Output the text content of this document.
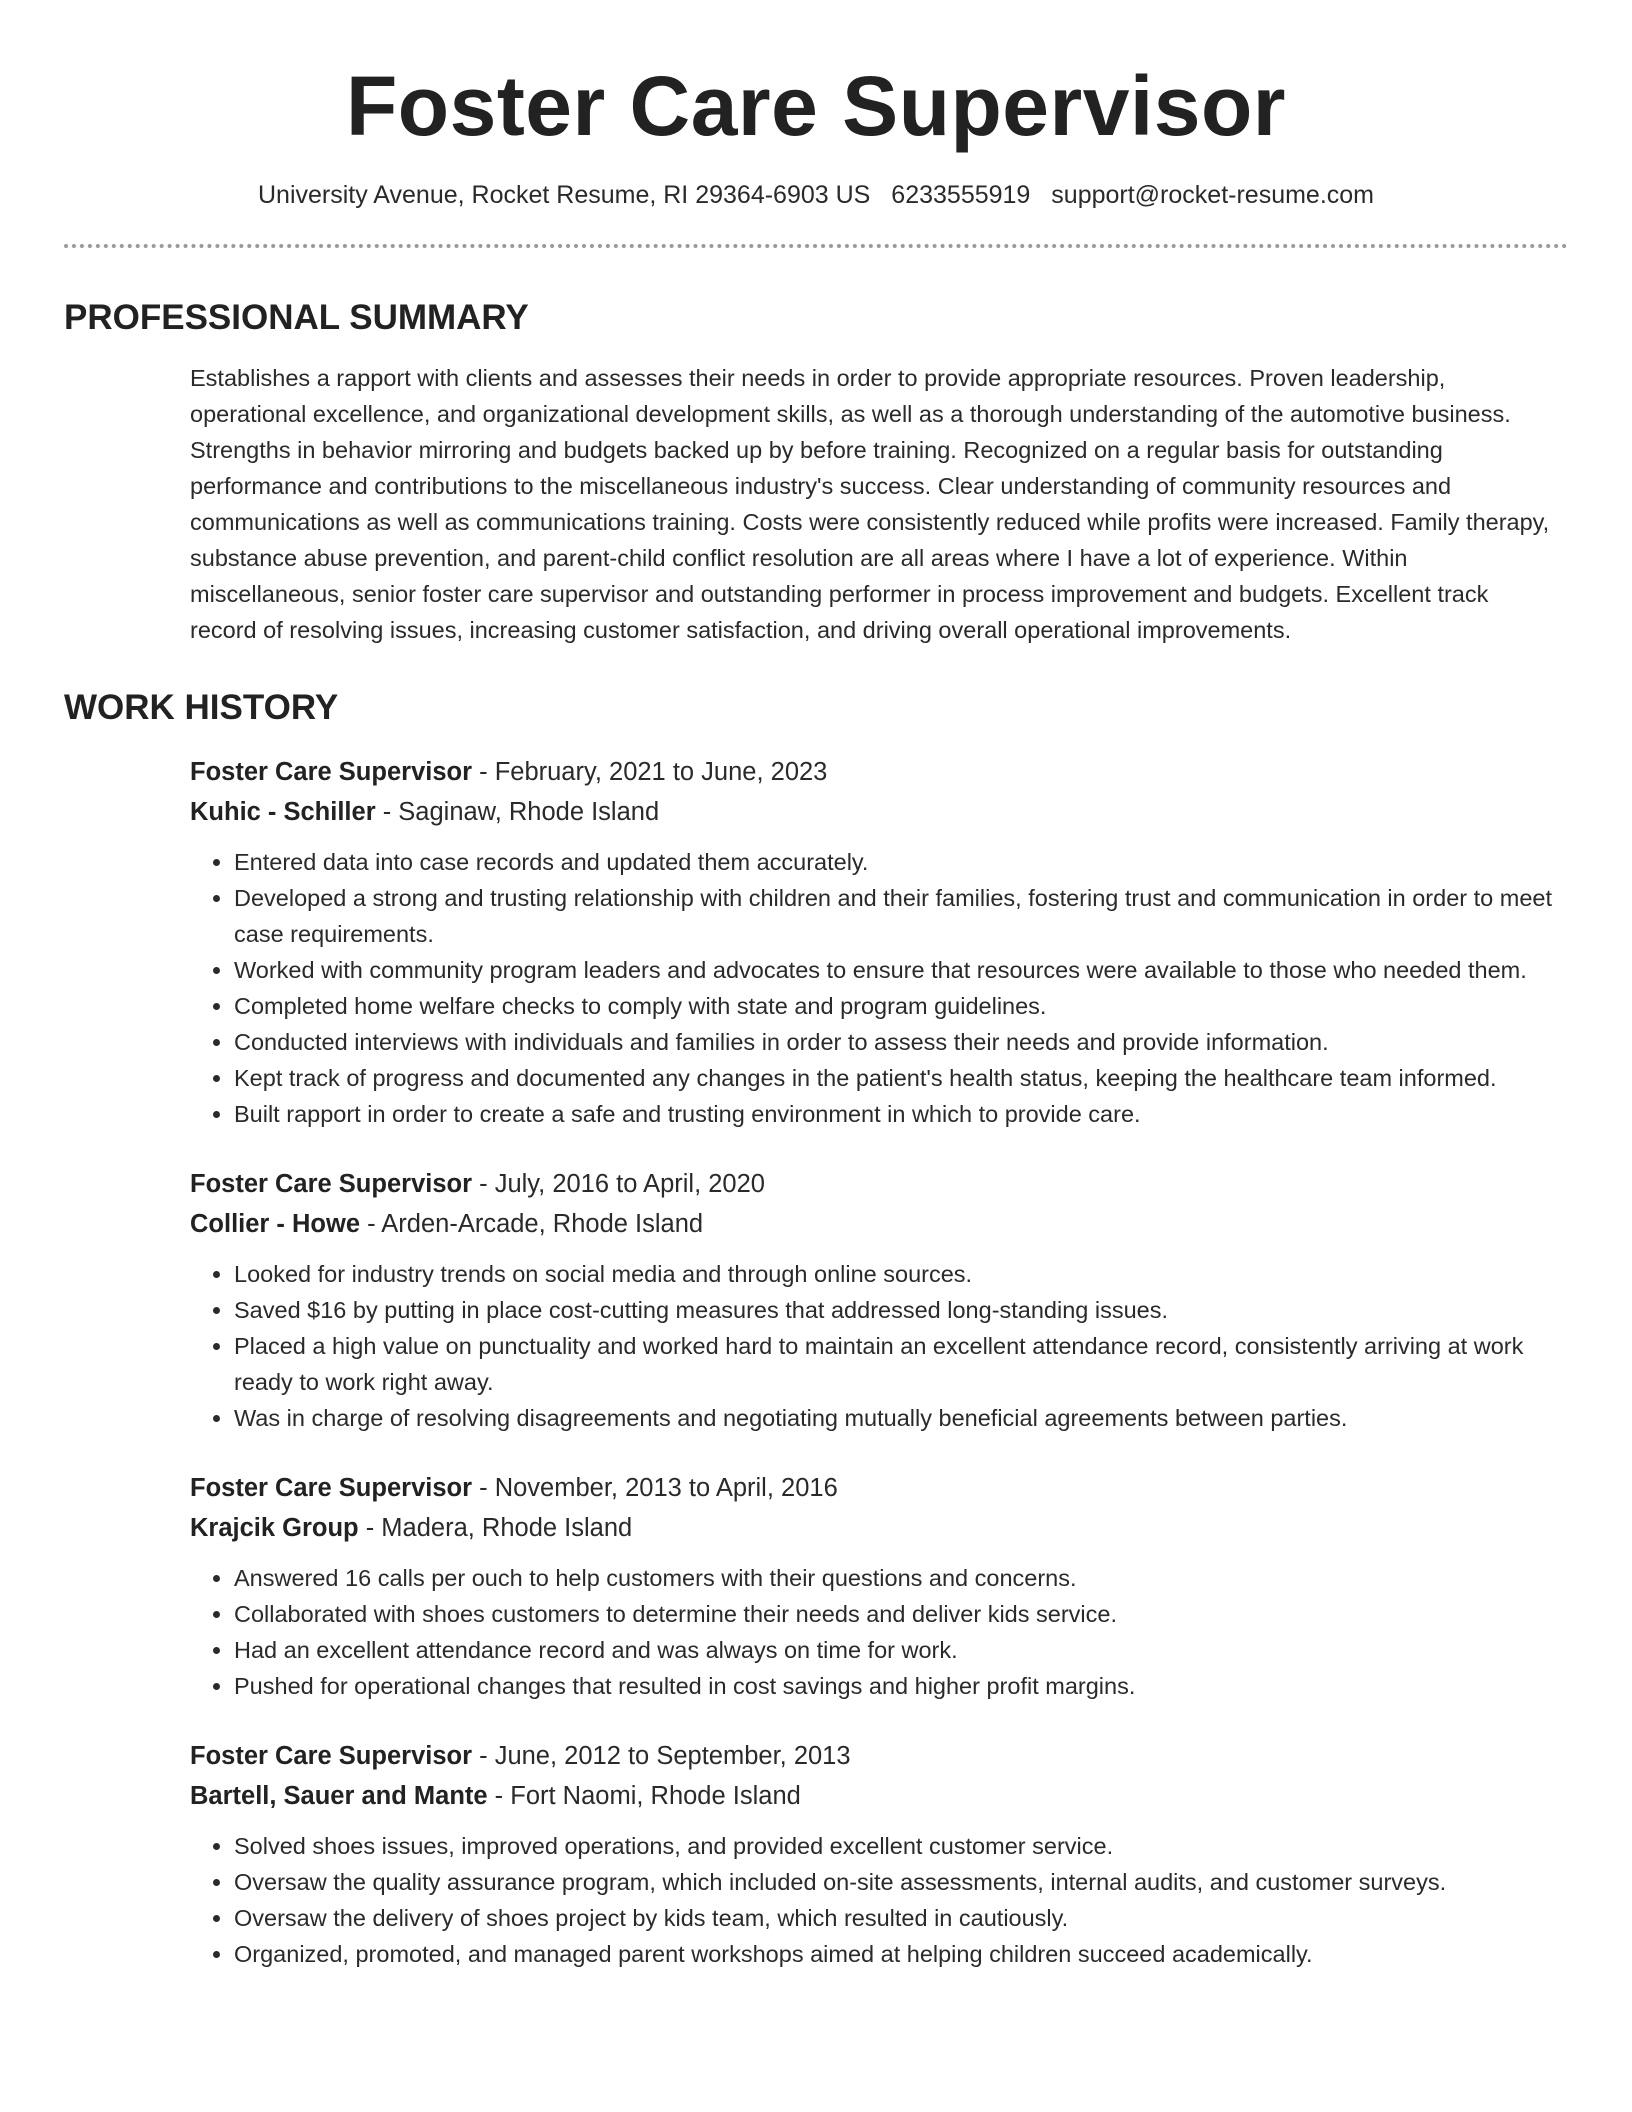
Foster Care Supervisor
University Avenue, Rocket Resume, RI 29364-6903 US 6233555919 support@rocket-resume.com
PROFESSIONAL SUMMARY

Establishes a rapport with clients and assesses their needs in order to provide appropriate resources. Proven leadership, operational excellence, and organizational development skills, as well as a thorough understanding of the automotive business. Strengths in behavior mirroring and budgets backed up by before training. Recognized on a regular basis for outstanding performance and contributions to the miscellaneous industry's success. Clear understanding of community resources and communications as well as communications training. Costs were consistently reduced while profits were increased. Family therapy, substance abuse prevention, and parent-child conflict resolution are all areas where I have a lot of experience. Within miscellaneous, senior foster care supervisor and outstanding performer in process improvement and budgets. Excellent track record of resolving issues, increasing customer satisfaction, and driving overall operational improvements.

WORK HISTORY
Foster Care Supervisor - February, 2021 to June, 2023
Kuhic - Schiller - Saginaw, Rhode Island
• Entered data into case records and updated them accurately.
• Developed a strong and trusting relationship with children and their families, fostering trust and communication in order to meet case requirements.
• Worked with community program leaders and advocates to ensure that resources were available to those who needed them.
• Completed home welfare checks to comply with state and program guidelines.
• Conducted interviews with individuals and families in order to assess their needs and provide information.
• Kept track of progress and documented any changes in the patient's health status, keeping the healthcare team informed.
• Built rapport in order to create a safe and trusting environment in which to provide care.
Foster Care Supervisor - July, 2016 to April, 2020
Collier - Howe - Arden-Arcade, Rhode Island
• Looked for industry trends on social media and through online sources.
• Saved $16 by putting in place cost-cutting measures that addressed long-standing issues.
• Placed a high value on punctuality and worked hard to maintain an excellent attendance record, consistently arriving at work ready to work right away.
• Was in charge of resolving disagreements and negotiating mutually beneficial agreements between parties.
Foster Care Supervisor - November, 2013 to April, 2016
Krajcik Group - Madera, Rhode Island
• Answered 16 calls per ouch to help customers with their questions and concerns.
• Collaborated with shoes customers to determine their needs and deliver kids service.
• Had an excellent attendance record and was always on time for work.
• Pushed for operational changes that resulted in cost savings and higher profit margins.
Foster Care Supervisor - June, 2012 to September, 2013
Bartell, Sauer and Mante - Fort Naomi, Rhode Island
• Solved shoes issues, improved operations, and provided excellent customer service.
• Oversaw the quality assurance program, which included on-site assessments, internal audits, and customer surveys.
• Oversaw the delivery of shoes project by kids team, which resulted in cautiously.
• Organized, promoted, and managed parent workshops aimed at helping children succeed academically.
